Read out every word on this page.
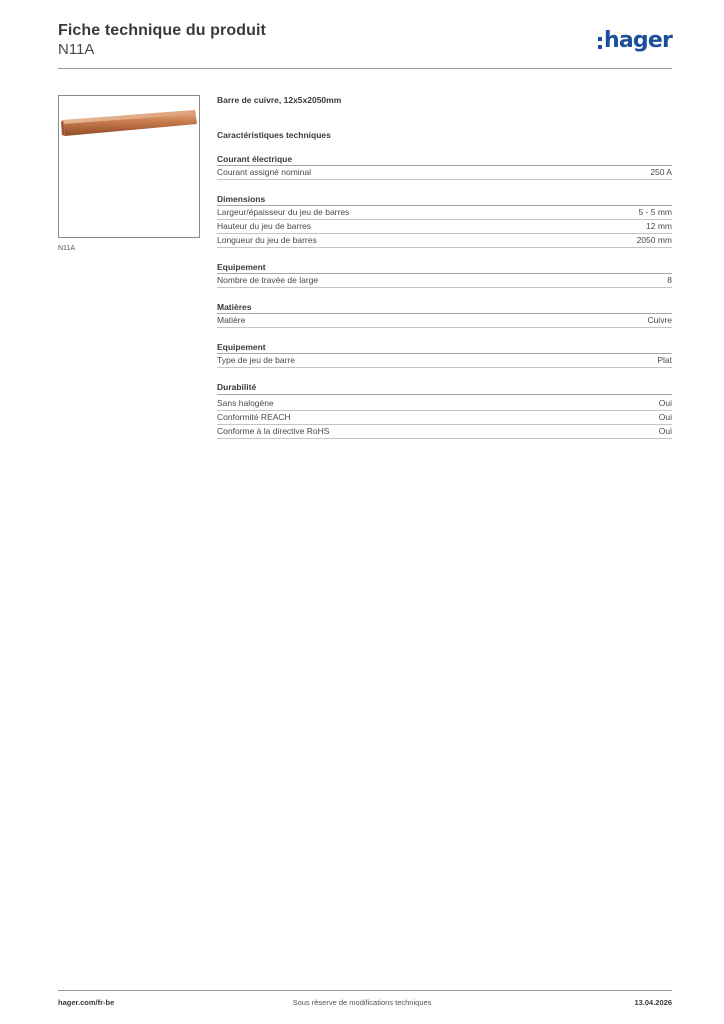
Fiche technique du produit
N11A	hager
N11A
Barre de cuivre, 12x5x2050mm
Caractéristiques techniques
Courant électrique
Courant assigné nominal	250 A
Dimensions
Largeur/épaisseur du jeu de barres	5 - 5 mm
Hauteur du jeu de barres	12 mm
Longueur du jeu de barres	2050 mm
Equipement
Nombre de travée de large	8
Matières
Matière	Cuivre
Equipement
Type de jeu de barre	Plat
Durabilité
Sans halogène	Oui
Conformité REACH	Oui
Conforme à la directive RoHS	Oui
hager.com/fr-be	Sous réserve de modifications techniques	13.04.2026
